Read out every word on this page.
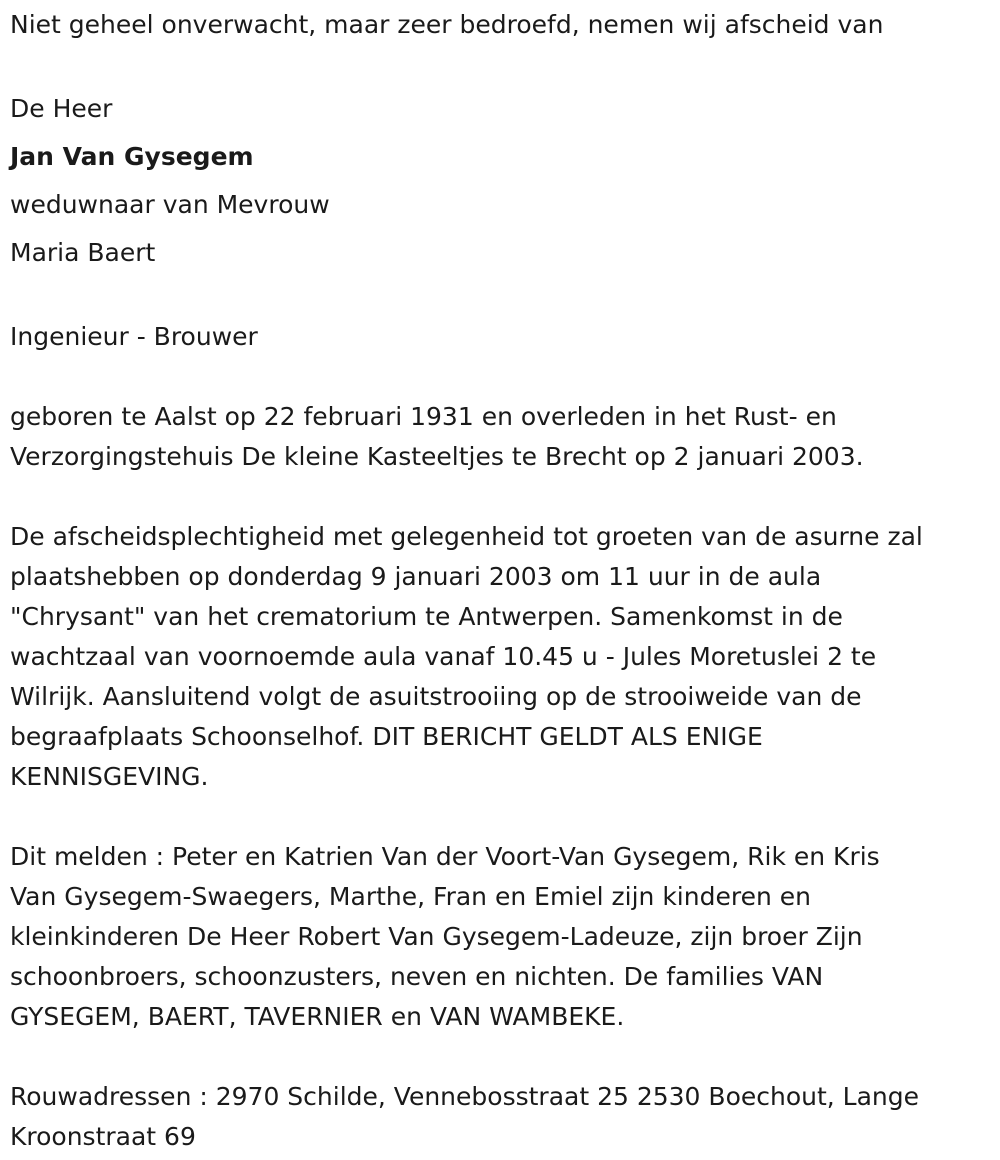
Niet geheel onverwacht, maar zeer bedroefd, nemen wij afscheid van

De Heer
Jan Van Gysegem
weduwnaar van Mevrouw
Maria Baert

Ingenieur - Brouwer

geboren te Aalst op 22 februari 1931 en overleden in het Rust- en
Verzorgingstehuis De kleine Kasteeltjes te Brecht op 2 januari 2003.
De afscheidsplechtigheid met gelegenheid tot groeten van de asurne zal
plaatshebben op donderdag 9 januari 2003 om 11 uur in de aula
"Chrysant" van het crematorium te Antwerpen. Samenkomst in de
wachtzaal van voornoemde aula vanaf 10.45 u - Jules Moretuslei 2 te
Wilrijk. Aansluitend volgt de asuitstrooiing op de strooiweide van de
begraafplaats Schoonselhof. DIT BERICHT GELDT ALS ENIGE
KENNISGEVING.
Dit melden : Peter en Katrien Van der Voort-Van Gysegem, Rik en Kris
Van Gysegem-Swaegers, Marthe, Fran en Emiel zijn kinderen en
kleinkinderen De Heer Robert Van Gysegem-Ladeuze, zijn broer Zijn
schoonbroers, schoonzusters, neven en nichten. De families VAN
GYSEGEM, BAERT, TAVERNIER en VAN WAMBEKE.
Rouwadressen : 2970 Schilde, Vennebosstraat 25 2530 Boechout, Lange
Kroonstraat 69
